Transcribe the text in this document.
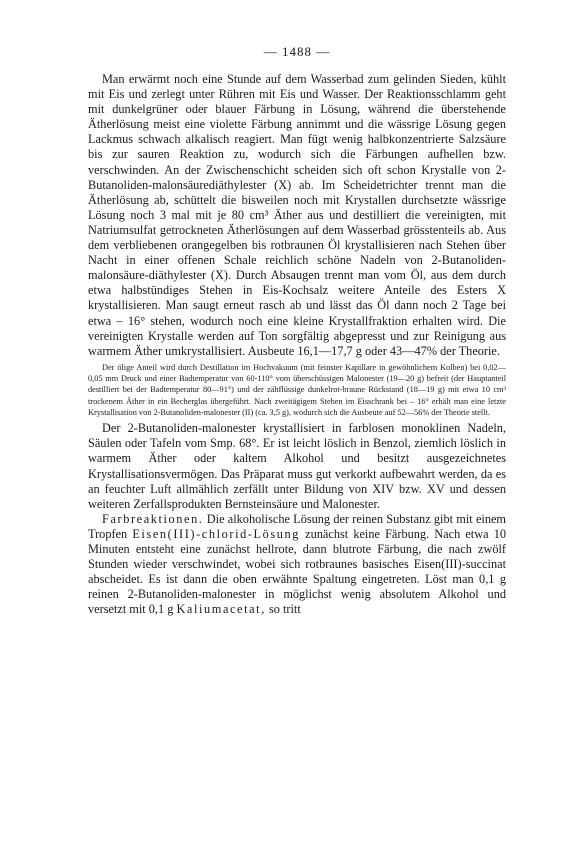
— 1488 —

Man erwärmt noch eine Stunde auf dem Wasserbad zum gelinden Sieden, kühlt mit Eis und zerlegt unter Rühren mit Eis und Wasser. Der Reaktionsschlamm geht mit dunkelgrüner oder blauer Färbung in Lösung, während die überstehende Ätherlösung meist eine violette Färbung annimmt und die wässrige Lösung gegen Lackmus schwach alkalisch reagiert. Man fügt wenig halbkonzentrierte Salzsäure bis zur sauren Reaktion zu, wodurch sich die Färbungen aufhellen bzw. verschwinden. An der Zwischenschicht scheiden sich oft schon Krystalle von 2-Butanoliden-malonsäurediäthylester (X) ab. Im Scheidetrichter trennt man die Ätherlösung ab, schüttelt die bisweilen noch mit Krystallen durchsetzte wässrige Lösung noch 3 mal mit je 80 cm³ Äther aus und destilliert die vereinigten, mit Natriumsulfat getrockneten Ätherlösungen auf dem Wasserbad grösstenteils ab. Aus dem verbliebenen orangegelben bis rotbraunen Öl krystallisieren nach Stehen über Nacht in einer offenen Schale reichlich schöne Nadeln von 2-Butanoliden-malonsäure-diäthylester (X). Durch Absaugen trennt man vom Öl, aus dem durch etwa halbstündiges Stehen in Eis-Kochsalz weitere Anteile des Esters X krystallisieren. Man saugt erneut rasch ab und lässt das Öl dann noch 2 Tage bei etwa – 16° stehen, wodurch noch eine kleine Krystallfraktion erhalten wird. Die vereinigten Krystalle werden auf Ton sorgfältig abgepresst und zur Reinigung aus warmem Äther umkrystallisiert. Ausbeute 16,1—17,7 g oder 43—47% der Theorie.

Der ölige Anteil wird durch Destillation im Hochvakuum (mit feinster Kapillare in gewöhnlichem Kolben) bei 0,02—0,05 mm Druck und einer Badtemperatur von 60-110° vom überschüssigen Malonester (19—20 g) befreit (der Hauptanteil destilliert bei der Badtemperatur 80—91°) und der zähflüssige dunkelrot-braune Rückstand (18—19 g) mit etwa 10 cm³ trockenem Äther in ein Becherglas übergeführt. Nach zweitägigem Stehen im Eisschrank bei – 16° erhält man eine letzte Krystallisation von 2-Butanoliden-malonester (II) (ca. 3,5 g), wodurch sich die Ausbeute auf 52—56% der Theorie stellt.

Der 2-Butanoliden-malonester krystallisiert in farblosen monoklinen Nadeln, Säulen oder Tafeln vom Smp. 68°. Er ist leicht löslich in Benzol, ziemlich löslich in warmem Äther oder kaltem Alkohol und besitzt ausgezeichnetes Krystallisationsvermögen. Das Präparat muss gut verkorkt aufbewahrt werden, da es an feuchter Luft allmählich zerfällt unter Bildung von XIV bzw. XV und dessen weiteren Zerfallsprodukten Bernsteinsäure und Malonester.

Farbreaktionen. Die alkoholische Lösung der reinen Substanz gibt mit einem Tropfen Eisen(III)-chlorid-Lösung zunächst keine Färbung. Nach etwa 10 Minuten entsteht eine zunächst hellrote, dann blutrote Färbung, die nach zwölf Stunden wieder verschwindet, wobei sich rotbraunes basisches Eisen(III)-succinat abscheidet. Es ist dann die oben erwähnte Spaltung eingetreten. Löst man 0,1 g reinen 2-Butanoliden-malonester in möglichst wenig absolutem Alkohol und versetzt mit 0,1 g Kaliumacetat, so tritt
